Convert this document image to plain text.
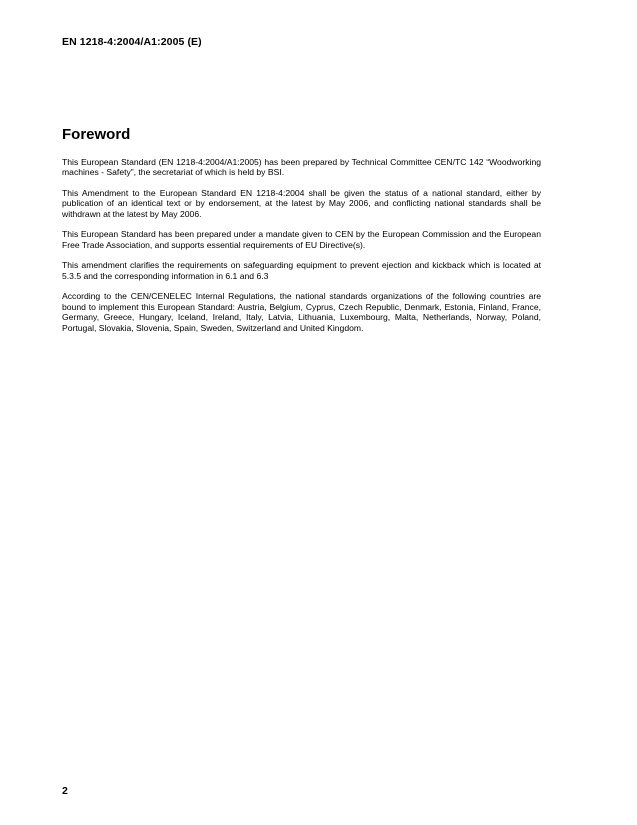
EN 1218-4:2004/A1:2005 (E)
Foreword

This European Standard (EN 1218-4:2004/A1:2005) has been prepared by Technical Committee CEN/TC 142 “Woodworking machines - Safety”, the secretariat of which is held by BSI.

This Amendment to the European Standard EN 1218-4:2004 shall be given the status of a national standard, either by publication of an identical text or by endorsement, at the latest by May 2006, and conflicting national standards shall be withdrawn at the latest by May 2006.

This European Standard has been prepared under a mandate given to CEN by the European Commission and the European Free Trade Association, and supports essential requirements of EU Directive(s).

This amendment clarifies the requirements on safeguarding equipment to prevent ejection and kickback which is located at 5.3.5 and the corresponding information in 6.1 and 6.3

According to the CEN/CENELEC Internal Regulations, the national standards organizations of the following countries are bound to implement this European Standard: Austria, Belgium, Cyprus, Czech Republic, Denmark, Estonia, Finland, France, Germany, Greece, Hungary, Iceland, Ireland, Italy, Latvia, Lithuania, Luxembourg, Malta, Netherlands, Norway, Poland, Portugal, Slovakia, Slovenia, Spain, Sweden, Switzerland and United Kingdom.

2
